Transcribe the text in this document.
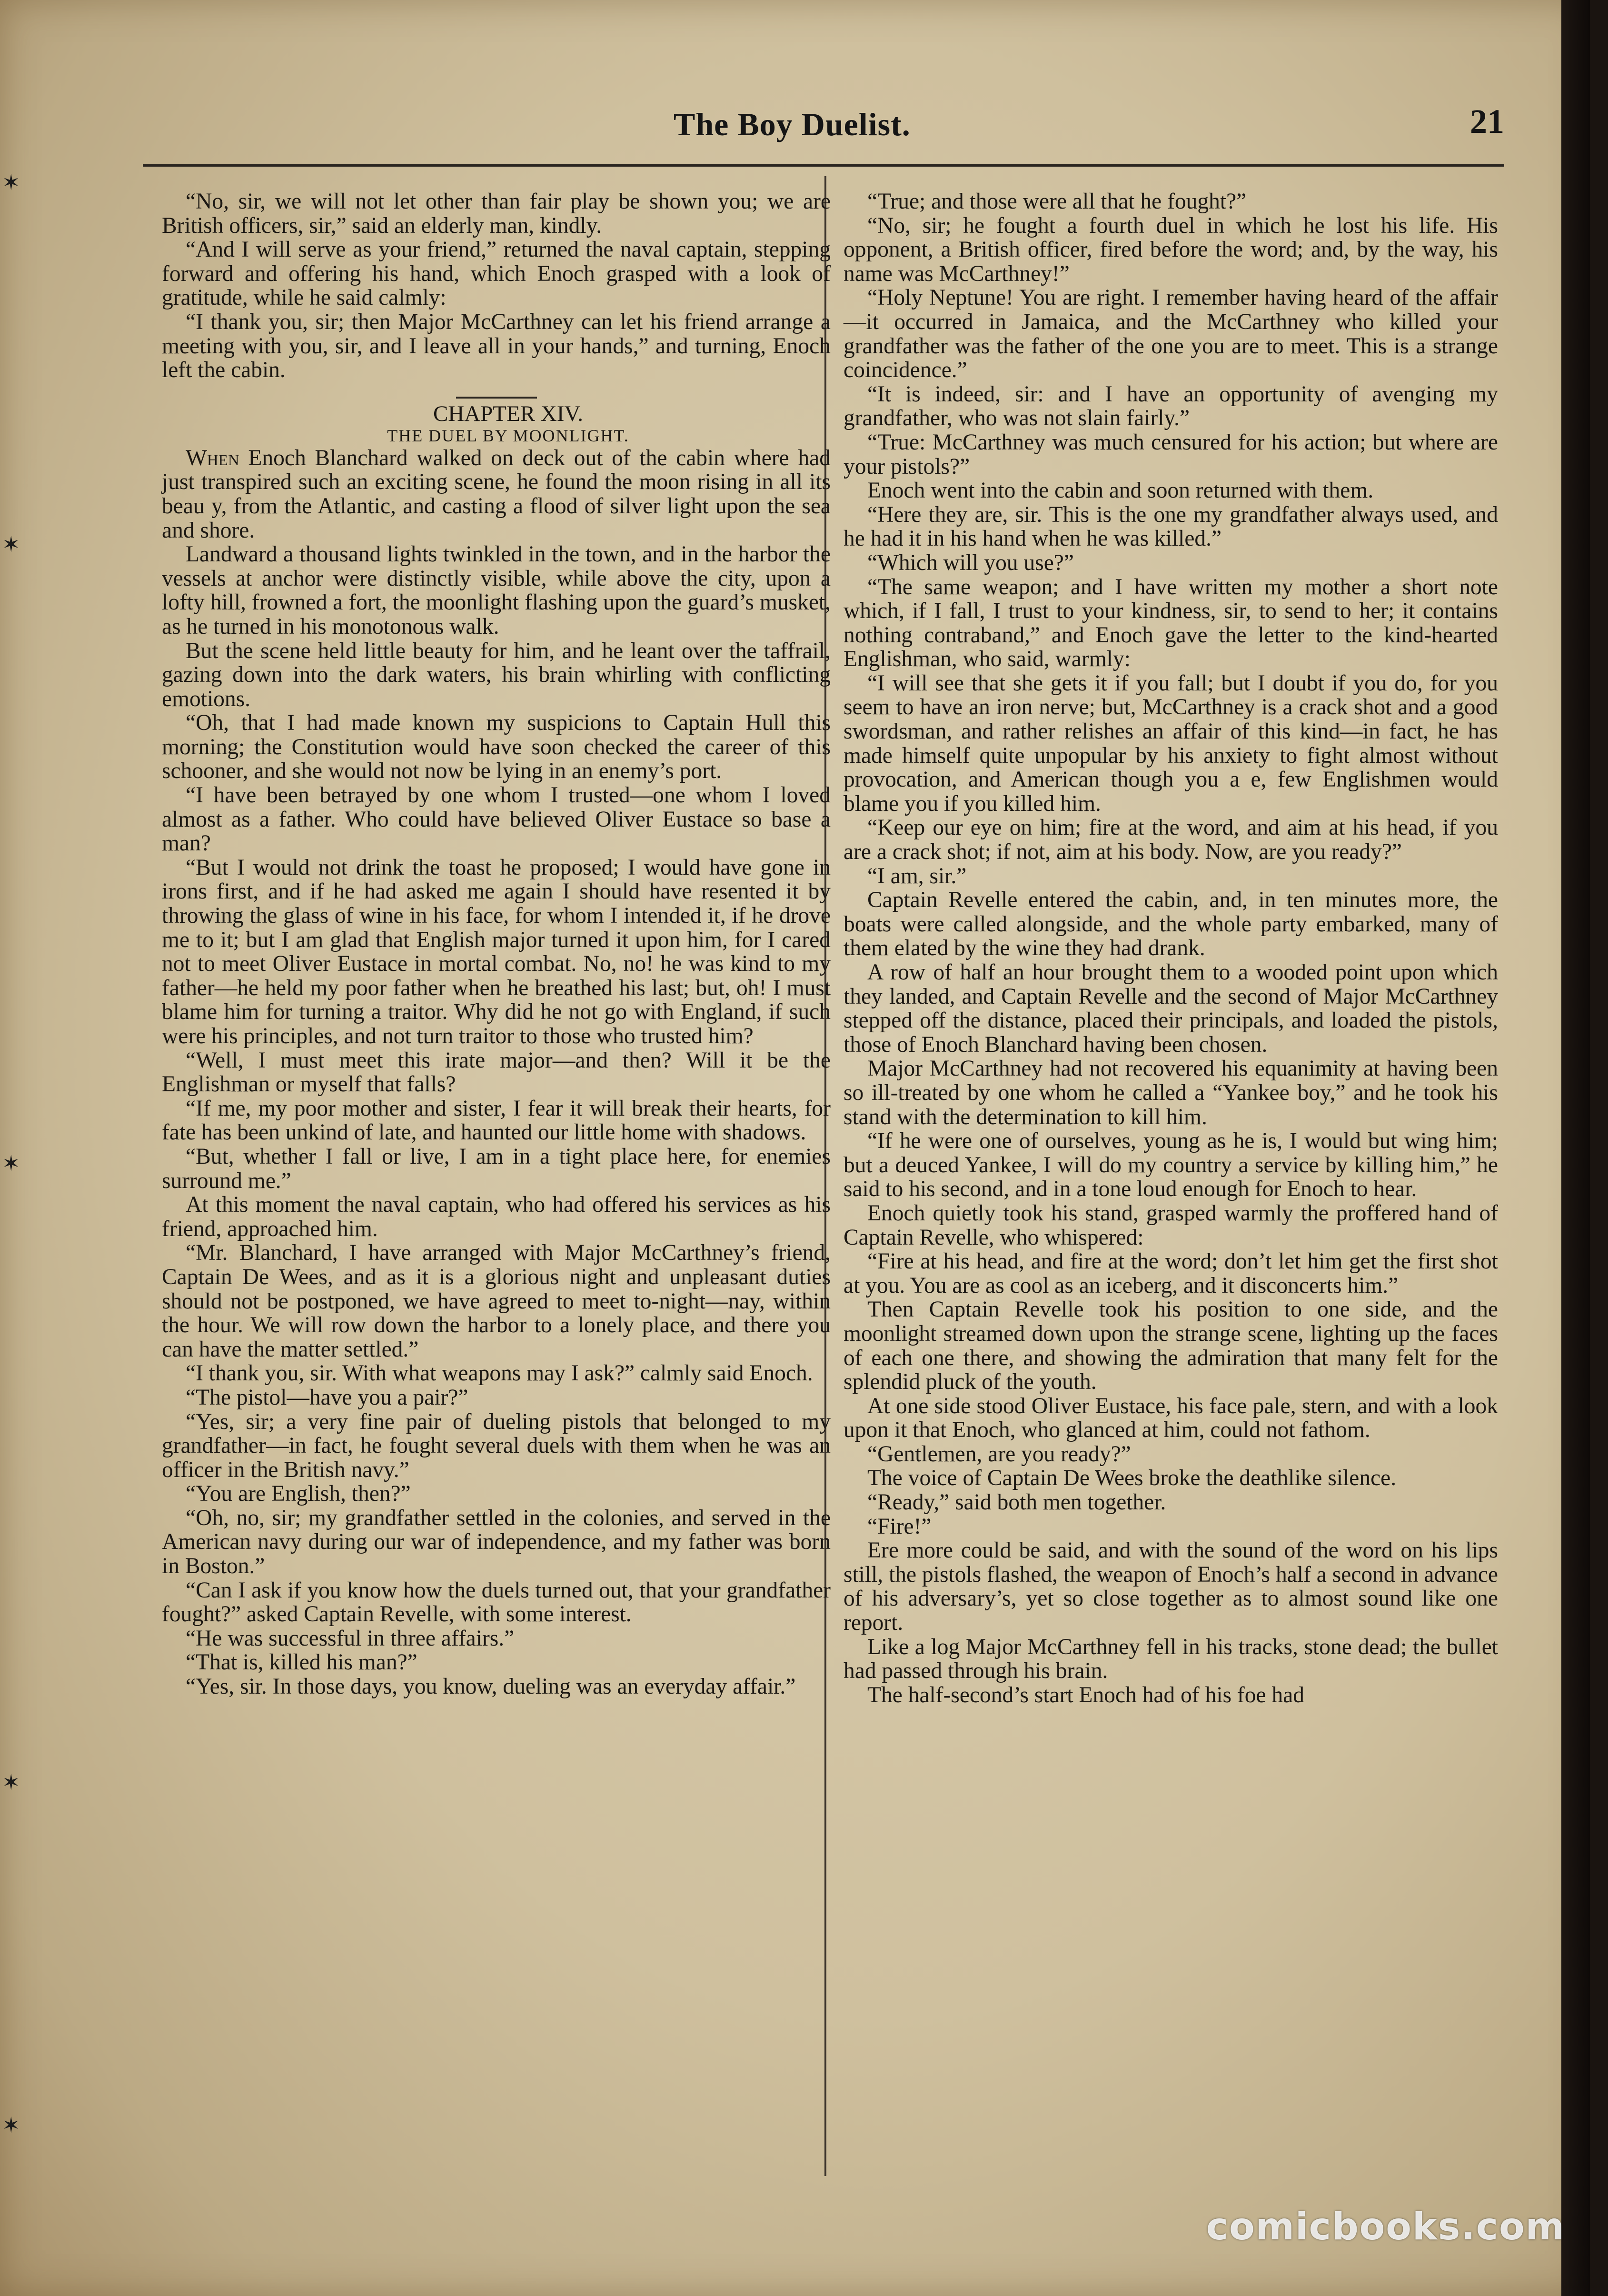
✶
✶
✶
✶
✶
The Boy Duelist.	21

“No, sir, we will not let other than fair play be shown you; we are British officers, sir,” said an elderly man, kindly.

“And I will serve as your friend,” returned the naval captain, stepping forward and offering his hand, which Enoch grasped with a look of gratitude, while he said calmly:

“I thank you, sir; then Major McCarthney can let his friend arrange a meeting with you, sir, and I leave all in your hands,” and turning, Enoch left the cabin.

CHAPTER XIV.

THE DUEL BY MOONLIGHT.

When Enoch Blanchard walked on deck out of the cabin where had just transpired such an exciting scene, he found the moon rising in all its beau y, from the Atlantic, and casting a flood of silver light upon the sea and shore.

Landward a thousand lights twinkled in the town, and in the harbor the vessels at anchor were distinctly visible, while above the city, upon a lofty hill, frowned a fort, the moonlight flashing upon the guard’s musket, as he turned in his monotonous walk.

But the scene held little beauty for him, and he leant over the taffrail, gazing down into the dark waters, his brain whirling with conflicting emotions.

“Oh, that I had made known my suspicions to Captain Hull this morning; the Constitution would have soon checked the career of this schooner, and she would not now be lying in an enemy’s port.

“I have been betrayed by one whom I trusted—one whom I loved almost as a father. Who could have believed Oliver Eustace so base a man?

“But I would not drink the toast he proposed; I would have gone in irons first, and if he had asked me again I should have resented it by throwing the glass of wine in his face, for whom I intended it, if he drove me to it; but I am glad that English major turned it upon him, for I cared not to meet Oliver Eustace in mortal combat. No, no! he was kind to my father—he held my poor father when he breathed his last; but, oh! I must blame him for turning a traitor. Why did he not go with England, if such were his principles, and not turn traitor to those who trusted him?

“Well, I must meet this irate major—and then? Will it be the Englishman or myself that falls?

“If me, my poor mother and sister, I fear it will break their hearts, for fate has been unkind of late, and haunted our little home with shadows.

“But, whether I fall or live, I am in a tight place here, for enemies surround me.”

At this moment the naval captain, who had offered his services as his friend, approached him.

“Mr. Blanchard, I have arranged with Major McCarthney’s friend, Captain De Wees, and as it is a glorious night and unpleasant duties should not be postponed, we have agreed to meet to-night—nay, within the hour. We will row down the harbor to a lonely place, and there you can have the matter settled.”

“I thank you, sir. With what weapons may I ask?” calmly said Enoch.

“The pistol—have you a pair?”

“Yes, sir; a very fine pair of dueling pistols that belonged to my grandfather—in fact, he fought several duels with them when he was an officer in the British navy.”

“You are English, then?”

“Oh, no, sir; my grandfather settled in the colonies, and served in the American navy during our war of independence, and my father was born in Boston.”

“Can I ask if you know how the duels turned out, that your grandfather fought?” asked Captain Revelle, with some interest.

“He was successful in three affairs.”

“That is, killed his man?”

“Yes, sir. In those days, you know, dueling was an everyday affair.”

“True; and those were all that he fought?”

“No, sir; he fought a fourth duel in which he lost his life. His opponent, a British officer, fired before the word; and, by the way, his name was McCarthney!”

“Holy Neptune! You are right. I remember having heard of the affair—it occurred in Jamaica, and the McCarthney who killed your grandfather was the father of the one you are to meet. This is a strange coincidence.”

“It is indeed, sir: and I have an opportunity of avenging my grandfather, who was not slain fairly.”

“True: McCarthney was much censured for his action; but where are your pistols?”

Enoch went into the cabin and soon returned with them.

“Here they are, sir. This is the one my grandfather always used, and he had it in his hand when he was killed.”

“Which will you use?”

“The same weapon; and I have written my mother a short note which, if I fall, I trust to your kindness, sir, to send to her; it contains nothing contraband,” and Enoch gave the letter to the kind-hearted Englishman, who said, warmly:

“I will see that she gets it if you fall; but I doubt if you do, for you seem to have an iron nerve; but, McCarthney is a crack shot and a good swordsman, and rather relishes an affair of this kind—in fact, he has made himself quite unpopular by his anxiety to fight almost without provocation, and American though you a e, few Englishmen would blame you if you killed him.

“Keep our eye on him; fire at the word, and aim at his head, if you are a crack shot; if not, aim at his body. Now, are you ready?”

“I am, sir.”

Captain Revelle entered the cabin, and, in ten minutes more, the boats were called alongside, and the whole party embarked, many of them elated by the wine they had drank.

A row of half an hour brought them to a wooded point upon which they landed, and Captain Revelle and the second of Major McCarthney stepped off the distance, placed their principals, and loaded the pistols, those of Enoch Blanchard having been chosen.

Major McCarthney had not recovered his equanimity at having been so ill-treated by one whom he called a “Yankee boy,” and he took his stand with the determination to kill him.

“If he were one of ourselves, young as he is, I would but wing him; but a deuced Yankee, I will do my country a service by killing him,” he said to his second, and in a tone loud enough for Enoch to hear.

Enoch quietly took his stand, grasped warmly the proffered hand of Captain Revelle, who whispered:

“Fire at his head, and fire at the word; don’t let him get the first shot at you. You are as cool as an iceberg, and it disconcerts him.”

Then Captain Revelle took his position to one side, and the moonlight streamed down upon the strange scene, lighting up the faces of each one there, and showing the admiration that many felt for the splendid pluck of the youth.

At one side stood Oliver Eustace, his face pale, stern, and with a look upon it that Enoch, who glanced at him, could not fathom.

“Gentlemen, are you ready?”

The voice of Captain De Wees broke the deathlike silence.

“Ready,” said both men together.

“Fire!”

Ere more could be said, and with the sound of the word on his lips still, the pistols flashed, the weapon of Enoch’s half a second in advance of his adversary’s, yet so close together as to almost sound like one report.

Like a log Major McCarthney fell in his tracks, stone dead; the bullet had passed through his brain.

The half-second’s start Enoch had of his foe had

comicbooks.com
